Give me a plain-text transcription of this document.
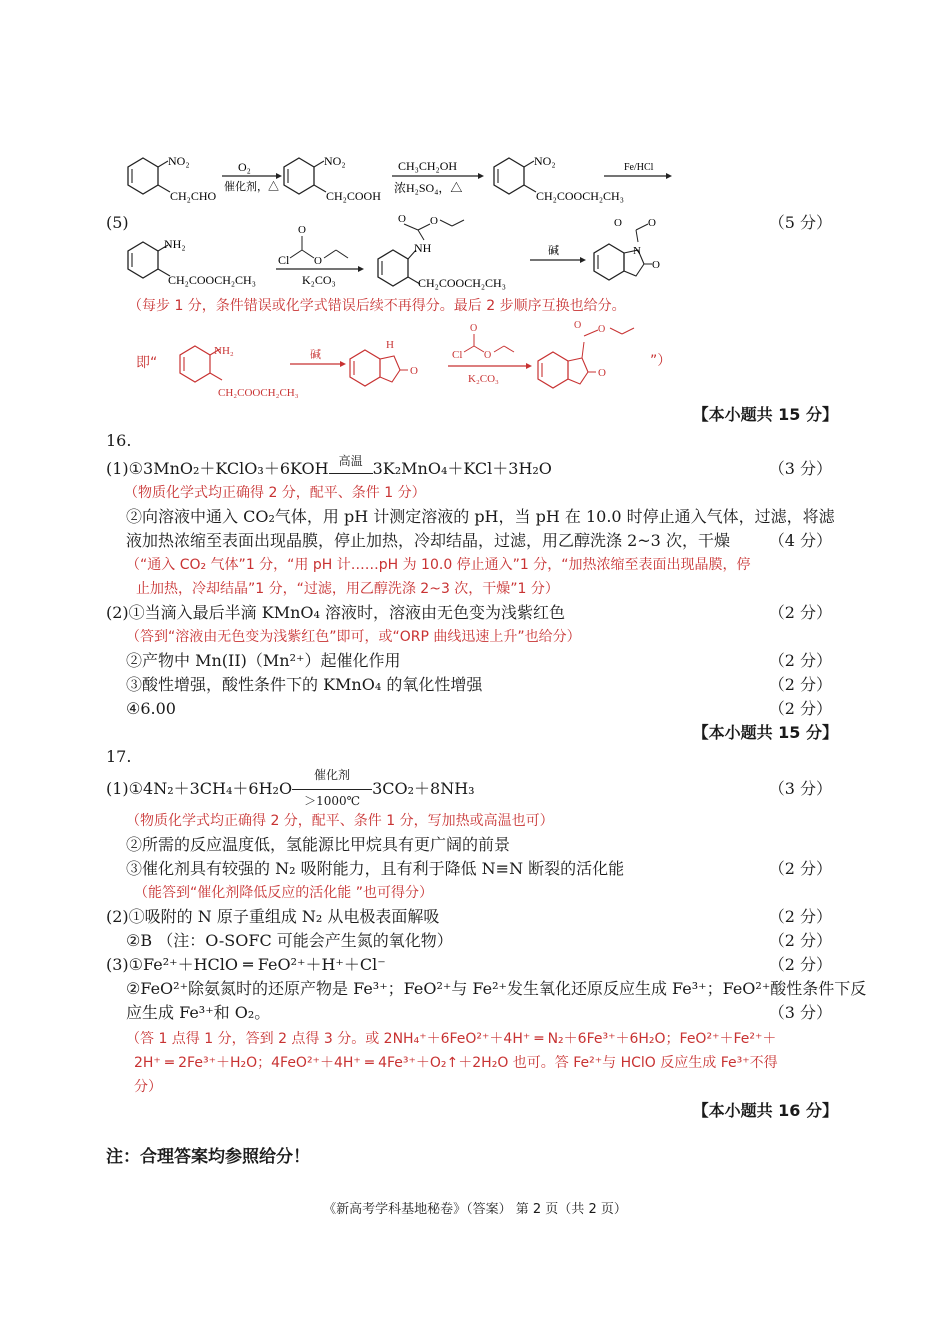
NO₂
CH₂CHO
O₂
催化剂，△
NO₂
CH₂COOH
CH₃CH₂OH
浓H₂SO₄，△
NO₂
CH₂COOCH₂CH₃
Fe/HCl
(5)	（5 分）
NH₂
CH₂COOCH₂CH₃
Cl
O
O
K₂CO₃
NH
O O
CH₂COOCH₂CH₃
碱	N
O
O O
（每步 1 分，条件错误或化学式错误后续不再得分。最后 2 步顺序互换也给分。
即“
NH₂
CH₂COOCH₂CH₃
碱
H
O
Cl
O
O
K₂CO₃	O
O O
”）
【本小题共 15 分】
16.
(1)①3MnO₂＋KClO₃＋6KOH 高温 3K₂MnO₄＋KCl＋3H₂O	（3 分）
（物质化学式均正确得 2 分，配平、条件 1 分）
②向溶液中通入 CO₂气体，用 pH 计测定溶液的 pH，当 pH 在 10.0 时停止通入气体，过滤，将滤
液加热浓缩至表面出现晶膜，停止加热，冷却结晶，过滤，用乙醇洗涤 2~3 次，干燥 （4 分）
（“通入 CO₂ 气体”1 分，“用 pH 计……pH 为 10.0 停止通入”1 分，“加热浓缩至表面出现晶膜，停
止加热，冷却结晶”1 分，“过滤，用乙醇洗涤 2~3 次，干燥”1 分）
(2)①当滴入最后半滴 KMnO₄ 溶液时，溶液由无色变为浅紫红色	（2 分）
（答到“溶液由无色变为浅紫红色”即可，或“ORP 曲线迅速上升”也给分）
②产物中 Mn(II)（Mn²⁺）起催化作用	（2 分）
③酸性增强，酸性条件下的 KMnO₄ 的氧化性增强	（2 分）
④6.00	（2 分）
【本小题共 15 分】
17.
(1)①4N₂＋3CH₄＋6H₂O
催化剂
＞1000℃
3CO₂＋8NH₃	（3 分）
（物质化学式均正确得 2 分，配平、条件 1 分，写加热或高温也可）
②所需的反应温度低，氢能源比甲烷具有更广阔的前景
③催化剂具有较强的 N₂ 吸附能力，且有利于降低 N≡N 断裂的活化能	（2 分）
（能答到“催化剂降低反应的活化能 ”也可得分）
(2)①吸附的 N 原子重组成 N₂ 从电极表面解吸	（2 分）
②B （注：O-SOFC 可能会产生氮的氧化物）	（2 分）
(3)①Fe²⁺＋HClO ═ FeO²⁺＋H⁺＋Cl⁻	（2 分）
②FeO²⁺除氨氮时的还原产物是 Fe³⁺；FeO²⁺与 Fe²⁺发生氧化还原反应生成 Fe³⁺；FeO²⁺酸性条件下反
应生成 Fe³⁺和 O₂。	（3 分）
（答 1 点得 1 分，答到 2 点得 3 分。或 2NH₄⁺＋6FeO²⁺＋4H⁺ ═ N₂＋6Fe³⁺＋6H₂O；FeO²⁺＋Fe²⁺＋
2H⁺ ═ 2Fe³⁺＋H₂O；4FeO²⁺＋4H⁺ ═ 4Fe³⁺＋O₂↑＋2H₂O 也可。答 Fe²⁺与 HClO 反应生成 Fe³⁺不得
分）
【本小题共 16 分】
注：合理答案均参照给分！
《新高考学科基地秘卷》（答案） 第 2 页（共 2 页）
